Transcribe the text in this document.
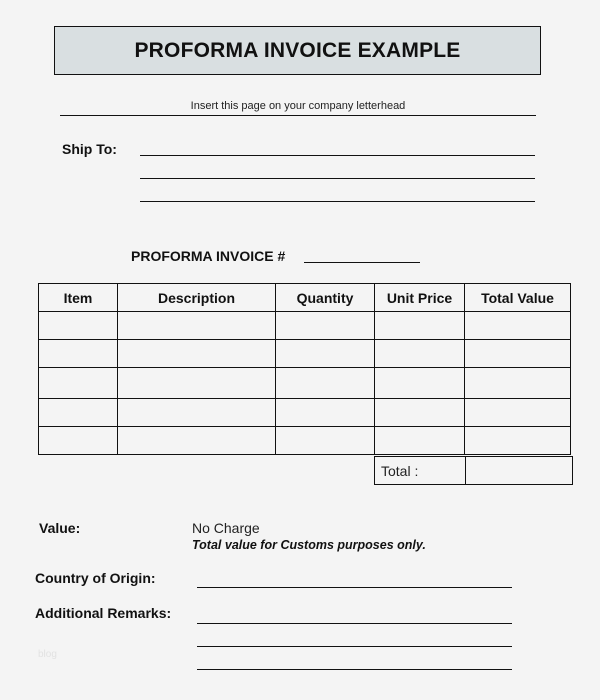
PROFORMA INVOICE EXAMPLE
Insert this page on your company letterhead
Ship To:
PROFORMA INVOICE #
Item	Description	Quantity	Unit Price	Total Value

Total :	
Value:	No Charge
Total value for Customs purposes only.
Country of Origin:
Additional Remarks:
blog
